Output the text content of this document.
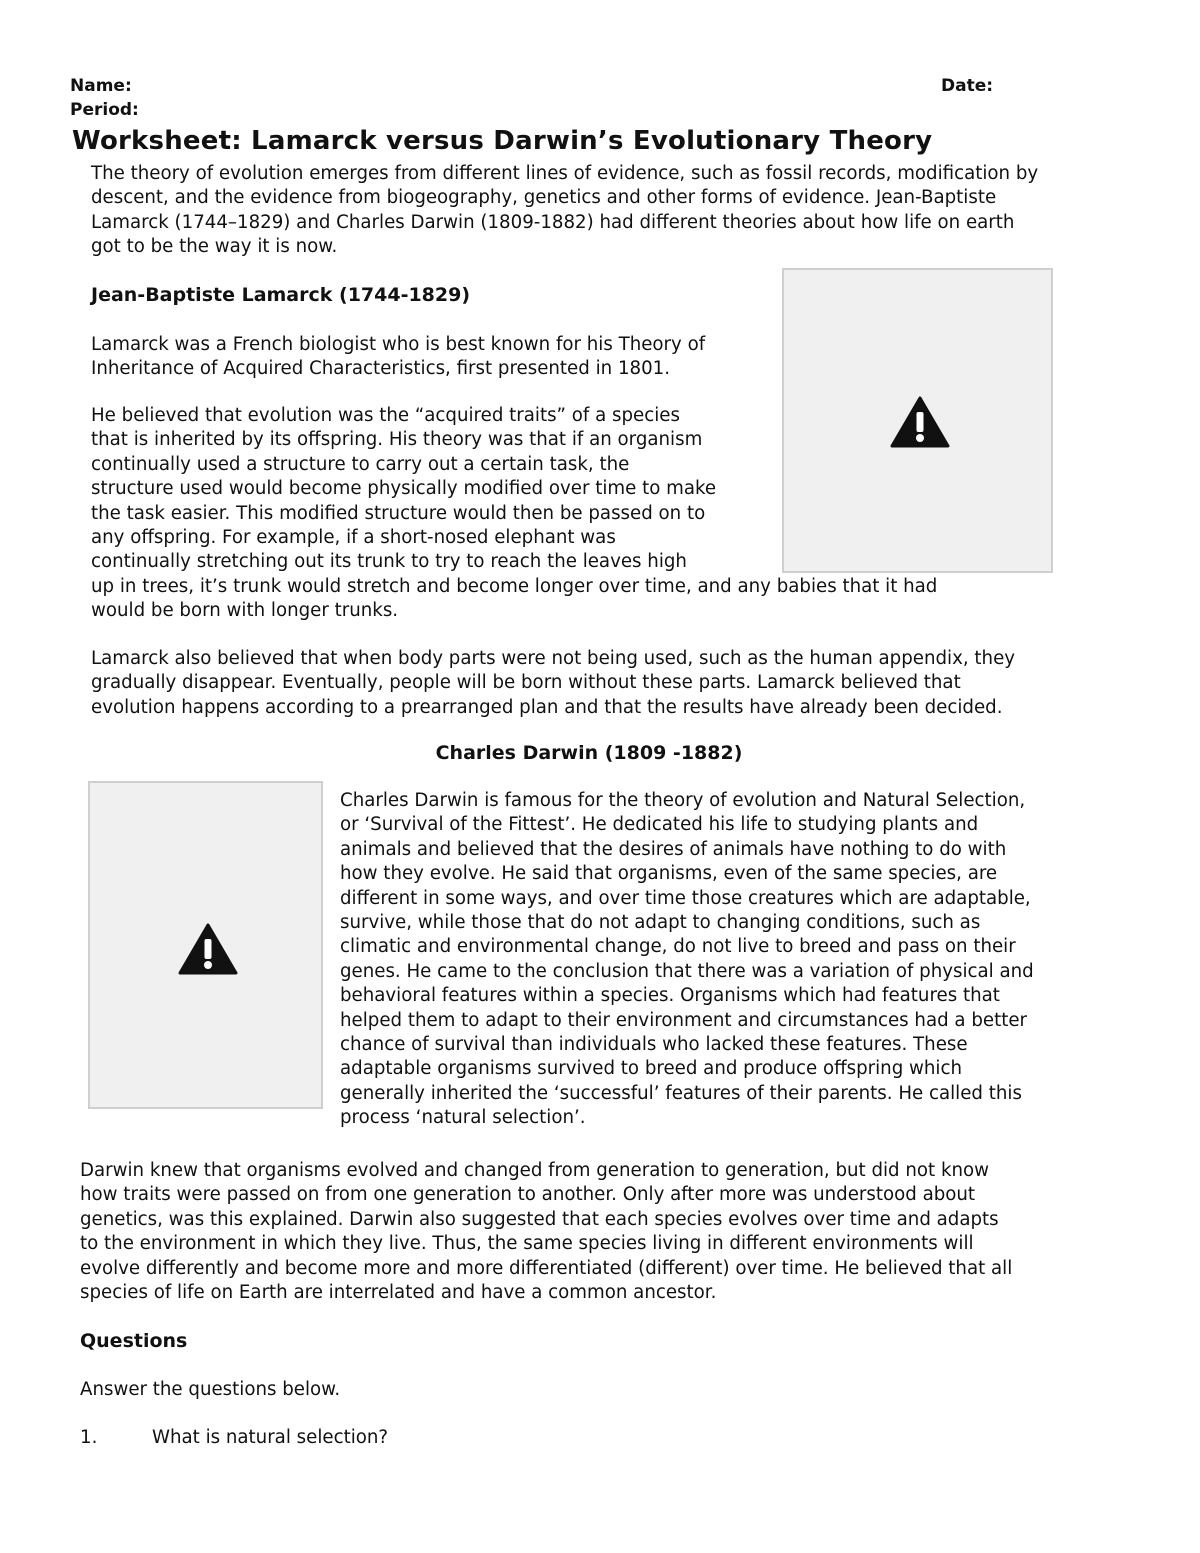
Name:	Date:

Period:

Worksheet: Lamarck versus Darwin’s Evolutionary Theory
The theory of evolution emerges from different lines of evidence, such as fossil records, modification by
descent, and the evidence from biogeography, genetics and other forms of evidence. Jean-Baptiste
Lamarck (1744–1829) and Charles Darwin (1809-1882) had different theories about how life on earth
got to be the way it is now.
Jean-Baptiste Lamarck (1744-1829)
Lamarck was a French biologist who is best known for his Theory of
Inheritance of Acquired Characteristics, first presented in 1801.
He believed that evolution was the “acquired traits” of a species
that is inherited by its offspring. His theory was that if an organism
continually used a structure to carry out a certain task, the
structure used would become physically modified over time to make
the task easier. This modified structure would then be passed on to
any offspring. For example, if a short-nosed elephant was
continually stretching out its trunk to try to reach the leaves high
up in trees, it’s trunk would stretch and become longer over time, and any babies that it had
would be born with longer trunks.
Lamarck also believed that when body parts were not being used, such as the human appendix, they
gradually disappear. Eventually, people will be born without these parts. Lamarck believed that
evolution happens according to a prearranged plan and that the results have already been decided.
Charles Darwin (1809 -1882)
Charles Darwin is famous for the theory of evolution and Natural Selection,
or ‘Survival of the Fittest’. He dedicated his life to studying plants and
animals and believed that the desires of animals have nothing to do with
how they evolve. He said that organisms, even of the same species, are
different in some ways, and over time those creatures which are adaptable,
survive, while those that do not adapt to changing conditions, such as
climatic and environmental change, do not live to breed and pass on their
genes. He came to the conclusion that there was a variation of physical and
behavioral features within a species. Organisms which had features that
helped them to adapt to their environment and circumstances had a better
chance of survival than individuals who lacked these features. These
adaptable organisms survived to breed and produce offspring which
generally inherited the ‘successful’ features of their parents. He called this
process ‘natural selection’.
Darwin knew that organisms evolved and changed from generation to generation, but did not know
how traits were passed on from one generation to another. Only after more was understood about
genetics, was this explained. Darwin also suggested that each species evolves over time and adapts
to the environment in which they live. Thus, the same species living in different environments will
evolve differently and become more and more differentiated (different) over time. He believed that all
species of life on Earth are interrelated and have a common ancestor.
Questions

Answer the questions below.

1.	What is natural selection?
